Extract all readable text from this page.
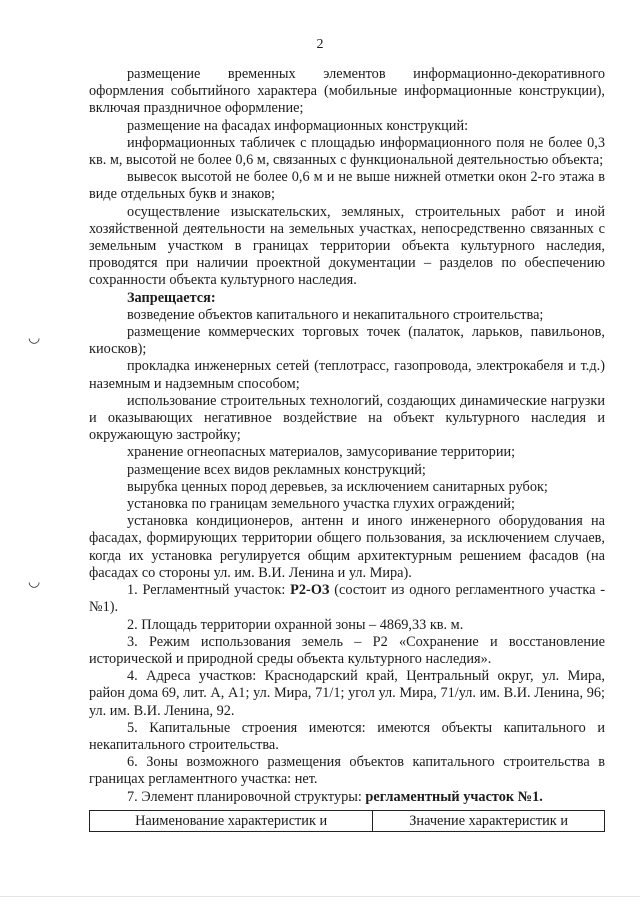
2
◡
◡

размещение временных элементов информационно-декоративного оформления событийного характера (мобильные информационные конструкции), включая праздничное оформление;

размещение на фасадах информационных конструкций:

информационных табличек с площадью информационного поля не более 0,3 кв. м, высотой не более 0,6 м, связанных с функциональной деятельностью объекта;

вывесок высотой не более 0,6 м и не выше нижней отметки окон 2-го этажа в виде отдельных букв и знаков;

осуществление изыскательских, земляных, строительных работ и иной хозяйственной деятельности на земельных участках, непосредственно связанных с земельным участком в границах территории объекта культурного наследия, проводятся при наличии проектной документации – разделов по обеспечению сохранности объекта культурного наследия.

Запрещается:

возведение объектов капитального и некапитального строительства;

размещение коммерческих торговых точек (палаток, ларьков, павильонов, киосков);

прокладка инженерных сетей (теплотрасс, газопровода, электрокабеля и т.д.) наземным и надземным способом;

использование строительных технологий, создающих динамические нагрузки и оказывающих негативное воздействие на объект культурного наследия и окружающую застройку;

хранение огнеопасных материалов, замусоривание территории;

размещение всех видов рекламных конструкций;

вырубка ценных пород деревьев, за исключением санитарных рубок;

установка по границам земельного участка глухих ограждений;

установка кондиционеров, антенн и иного инженерного оборудования на фасадах, формирующих территории общего пользования, за исключением случаев, когда их установка регулируется общим архитектурным решением фасадов (на фасадах со стороны ул. им. В.И. Ленина и ул. Мира).

1. Регламентный участок: Р2-ОЗ (состоит из одного регламентного участка - №1).

2. Площадь территории охранной зоны – 4869,33 кв. м.

3. Режим использования земель – Р2 «Сохранение и восстановление исторической и природной среды объекта культурного наследия».

4. Адреса участков: Краснодарский край, Центральный округ, ул. Мира, район дома 69, лит. А, А1; ул. Мира, 71/1; угол ул. Мира, 71/ул. им. В.И. Ленина, 96; ул. им. В.И. Ленина, 92.

5. Капитальные строения имеются: имеются объекты капитального и некапитального строительства.

6. Зоны возможного размещения объектов капитального строительства в границах регламентного участка: нет.

7. Элемент планировочной структуры: регламентный участок №1.

Наименование характеристик и	Значение характеристик и
